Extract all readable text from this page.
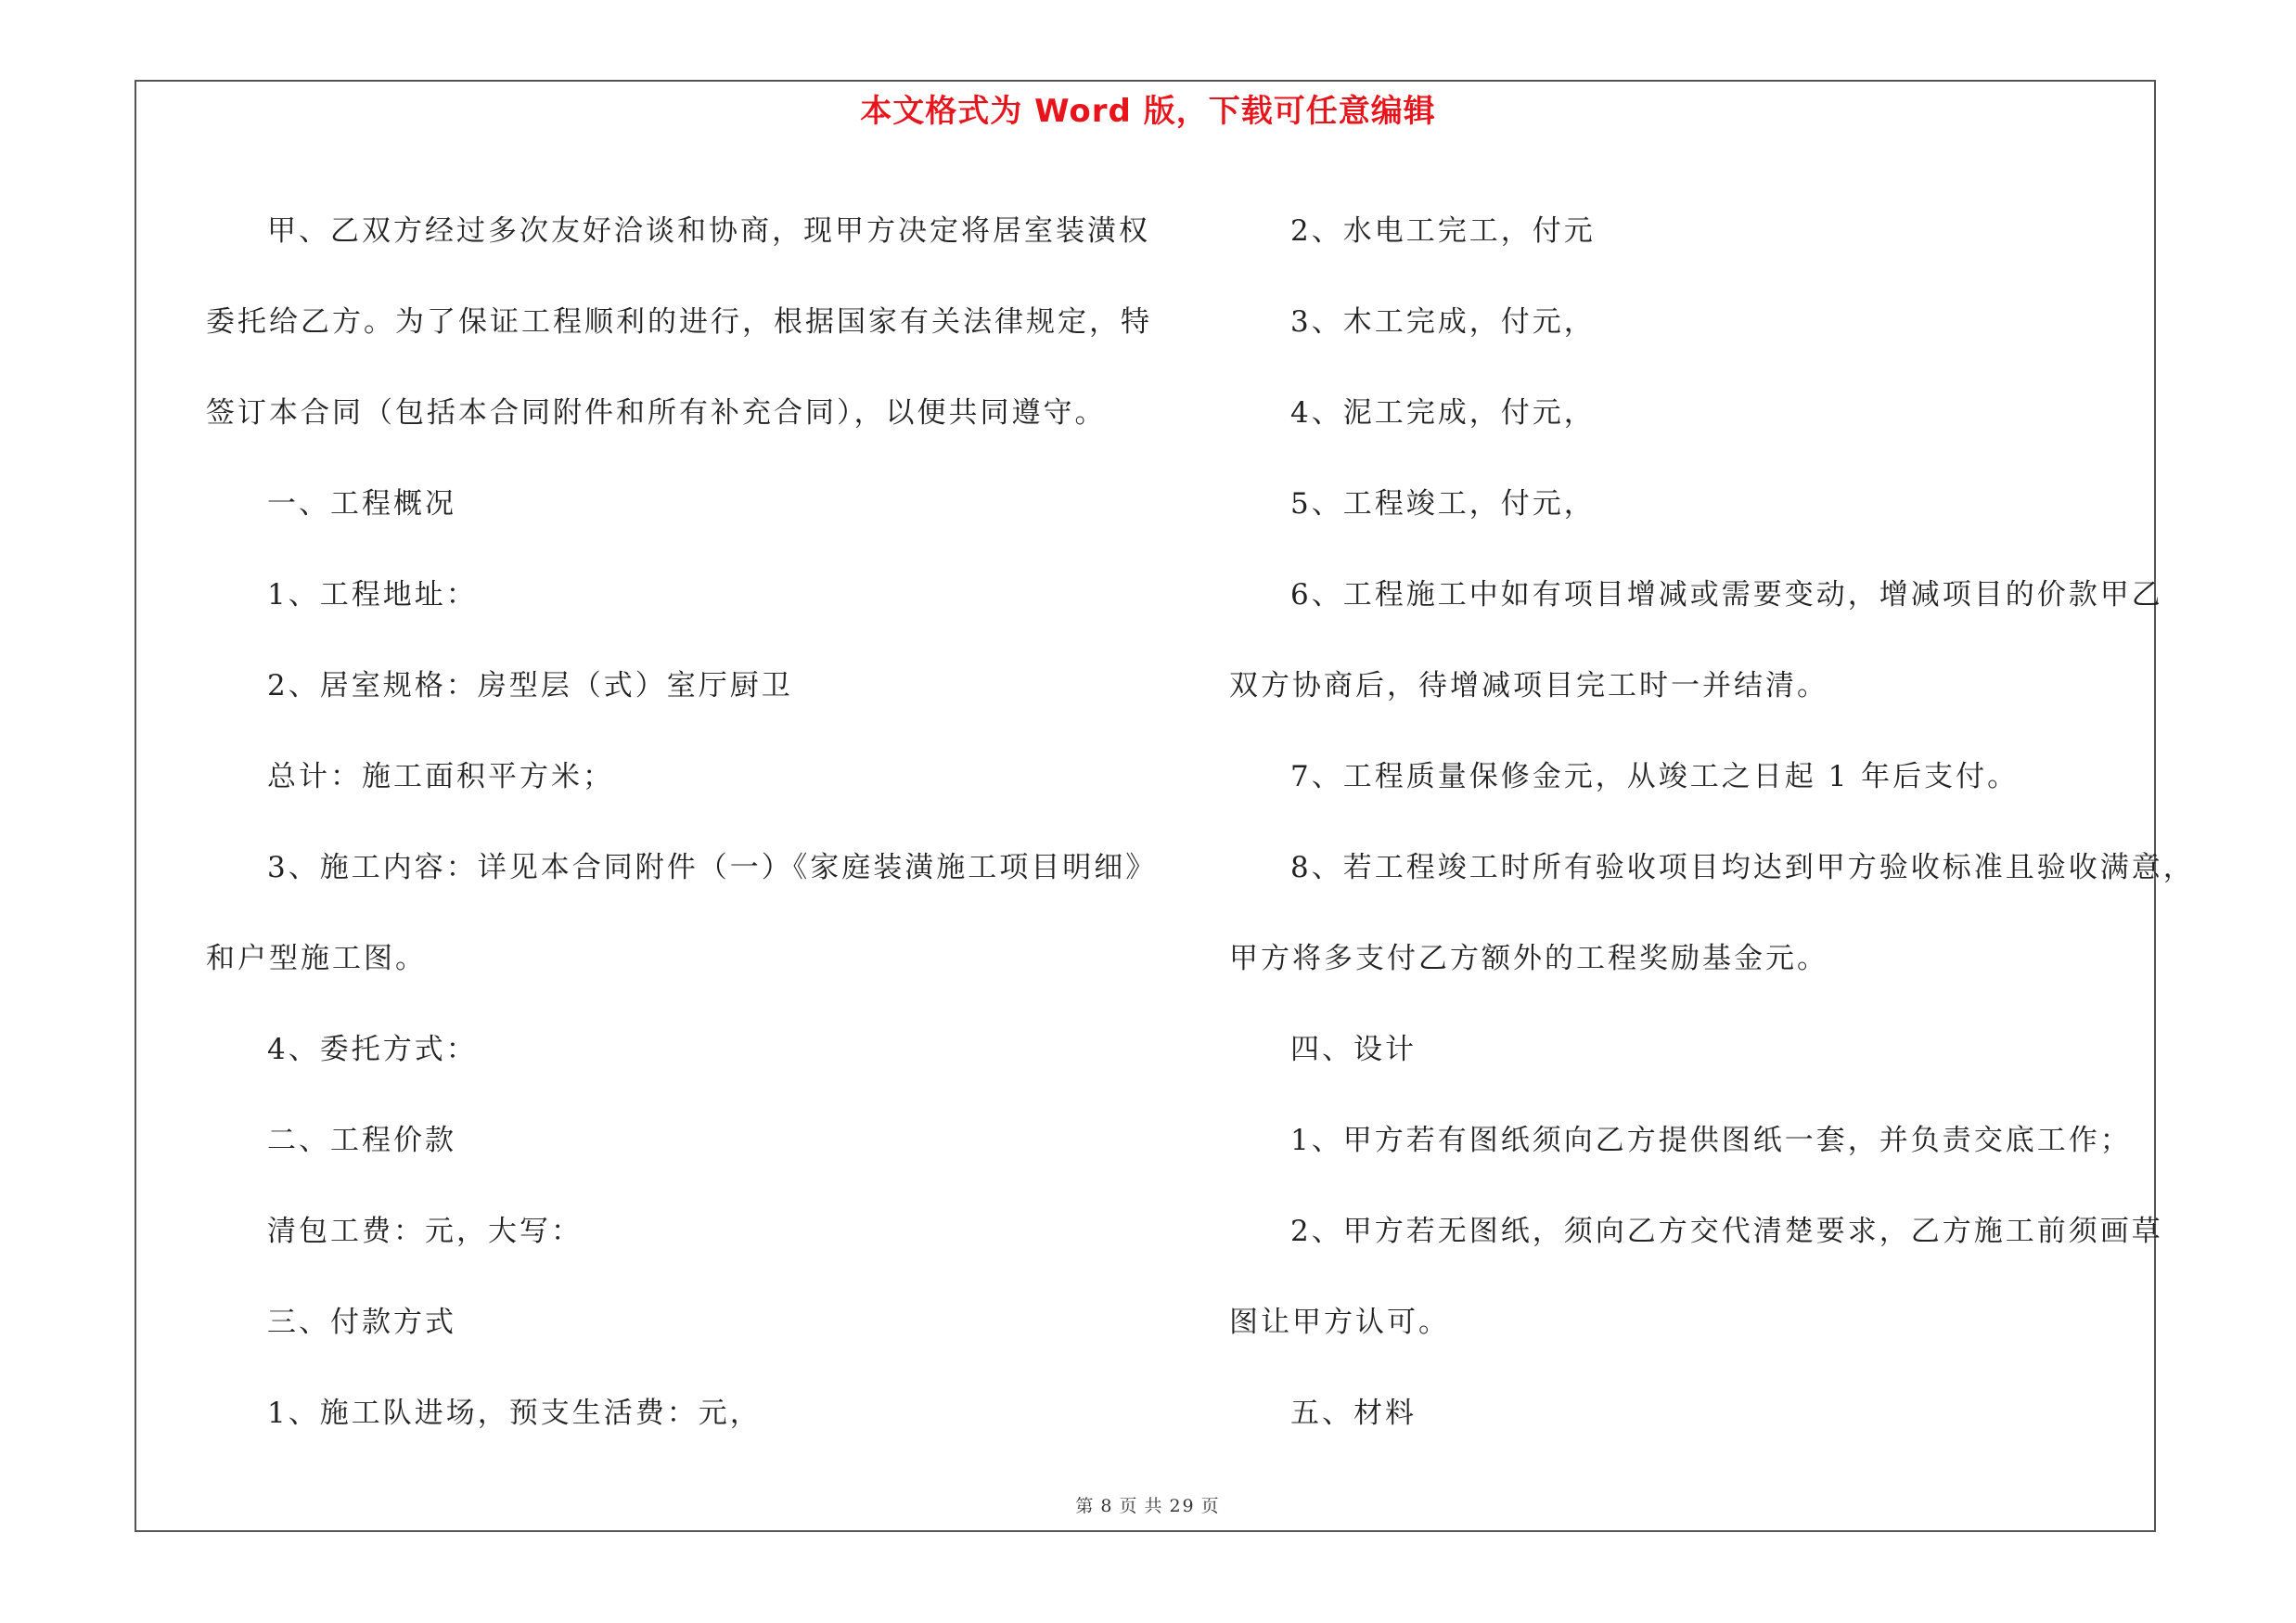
本文格式为 Word 版，下载可任意编辑

甲、乙双方经过多次友好洽谈和协商，现甲方决定将居室装潢权

委托给乙方。为了保证工程顺利的进行，根据国家有关法律规定，特

签订本合同（包括本合同附件和所有补充合同），以便共同遵守。

一、工程概况

1、工程地址：

2、居室规格：房型层（式）室厅厨卫

总计：施工面积平方米；

3、施工内容：详见本合同附件（一）《家庭装潢施工项目明细》

和户型施工图。

4、委托方式：

二、工程价款

清包工费：元，大写：

三、付款方式

1、施工队进场，预支生活费：元，

2、水电工完工，付元

3、木工完成，付元，

4、泥工完成，付元，

5、工程竣工，付元，

6、工程施工中如有项目增减或需要变动，增减项目的价款甲乙

双方协商后，待增减项目完工时一并结清。

7、工程质量保修金元，从竣工之日起 1 年后支付。

8、若工程竣工时所有验收项目均达到甲方验收标准且验收满意，

甲方将多支付乙方额外的工程奖励基金元。

四、设计

1、甲方若有图纸须向乙方提供图纸一套，并负责交底工作；

2、甲方若无图纸，须向乙方交代清楚要求，乙方施工前须画草

图让甲方认可。

五、材料

第 8 页 共 29 页
